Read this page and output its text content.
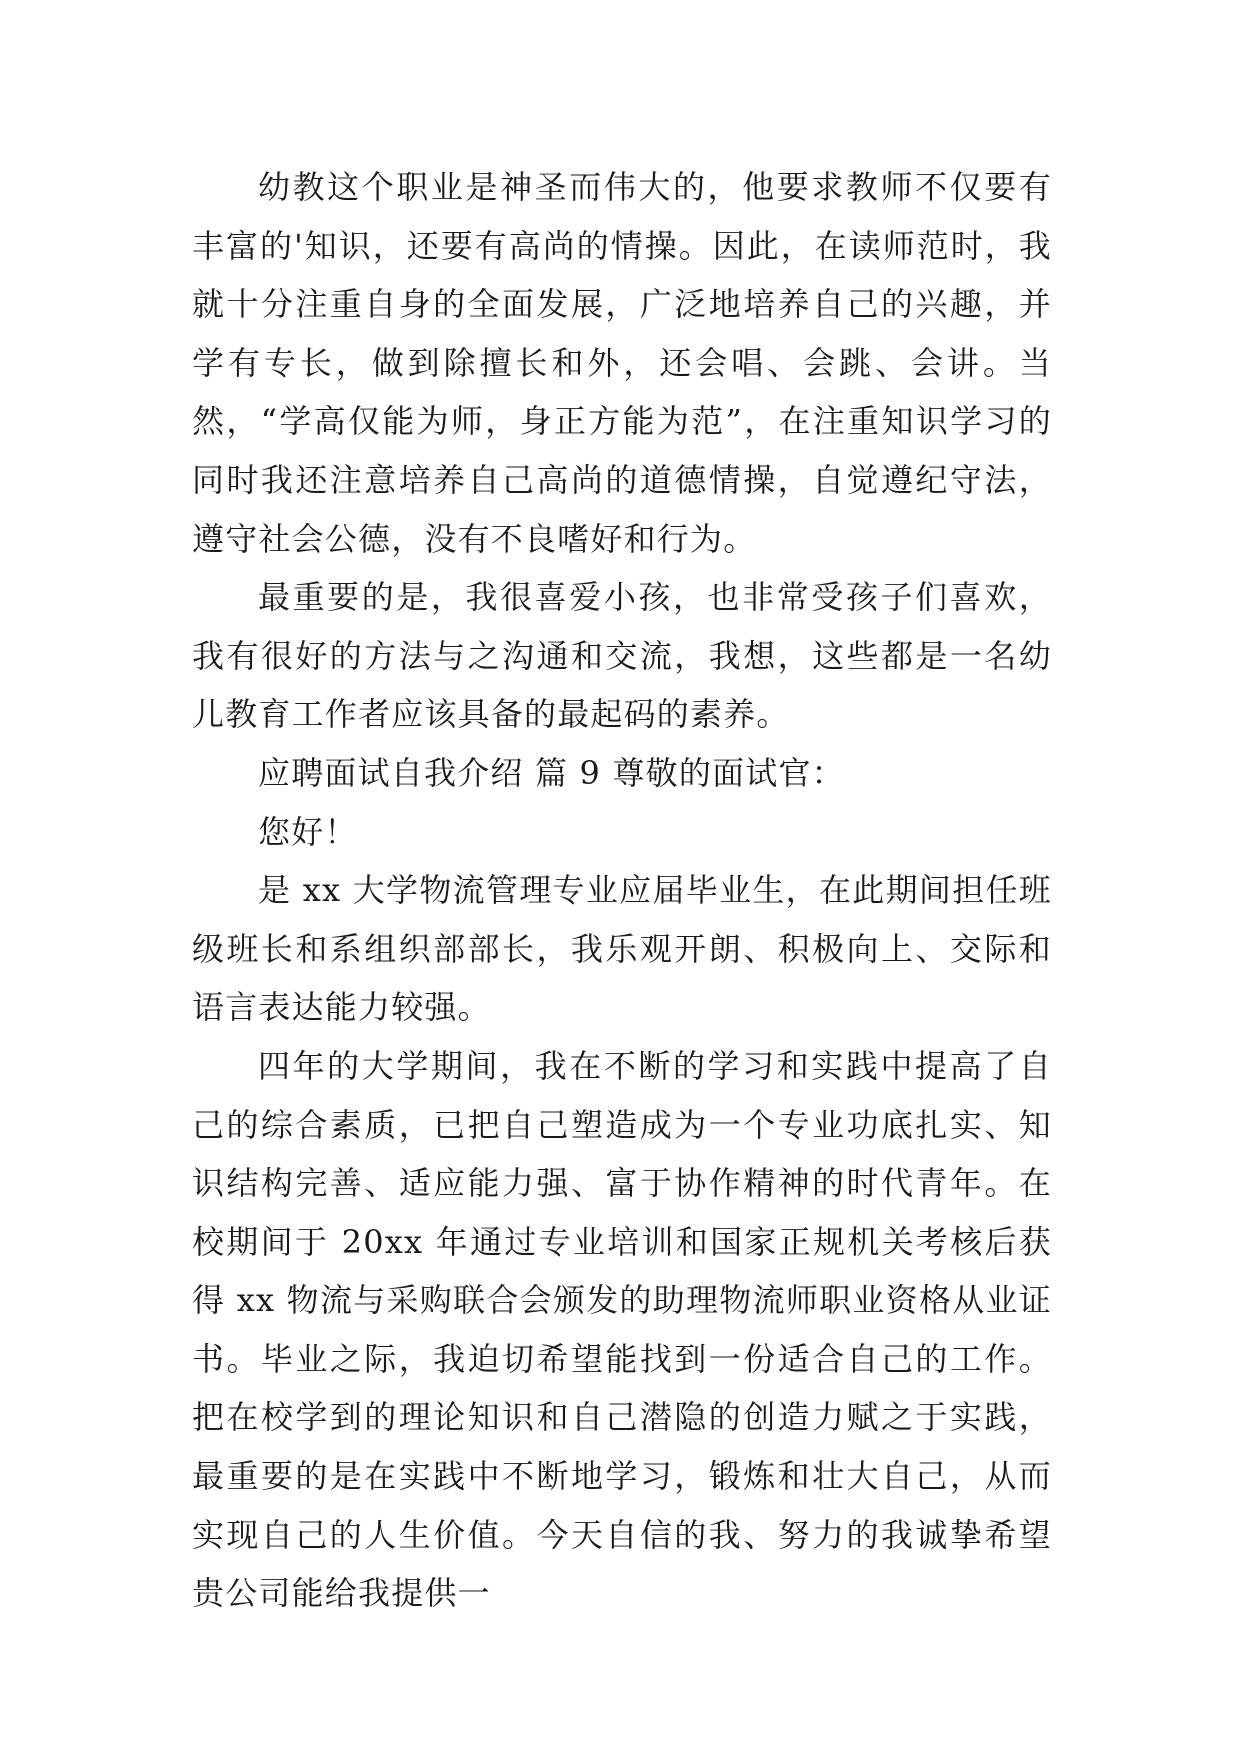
幼教这个职业是神圣而伟大的，他要求教师不仅要有丰富的'知识，还要有高尚的情操。因此，在读师范时，我就十分注重自身的全面发展，广泛地培养自己的兴趣，并学有专长，做到除擅长和外，还会唱、会跳、会讲。当然，“学高仅能为师，身正方能为范”，在注重知识学习的同时我还注意培养自己高尚的道德情操，自觉遵纪守法，遵守社会公德，没有不良嗜好和行为。

最重要的是，我很喜爱小孩，也非常受孩子们喜欢，我有很好的方法与之沟通和交流，我想，这些都是一名幼儿教育工作者应该具备的最起码的素养。

应聘面试自我介绍 篇 9 尊敬的面试官：

您好！

是 xx 大学物流管理专业应届毕业生，在此期间担任班级班长和系组织部部长，我乐观开朗、积极向上、交际和语言表达能力较强。

四年的大学期间，我在不断的学习和实践中提高了自己的综合素质，已把自己塑造成为一个专业功底扎实、知识结构完善、适应能力强、富于协作精神的时代青年。在校期间于 20xx 年通过专业培训和国家正规机关考核后获得 xx 物流与采购联合会颁发的助理物流师职业资格从业证书。毕业之际，我迫切希望能找到一份适合自己的工作。把在校学到的理论知识和自己潜隐的创造力赋之于实践，最重要的是在实践中不断地学习，锻炼和壮大自己，从而实现自己的人生价值。今天自信的我、努力的我诚挚希望贵公司能给我提供一
